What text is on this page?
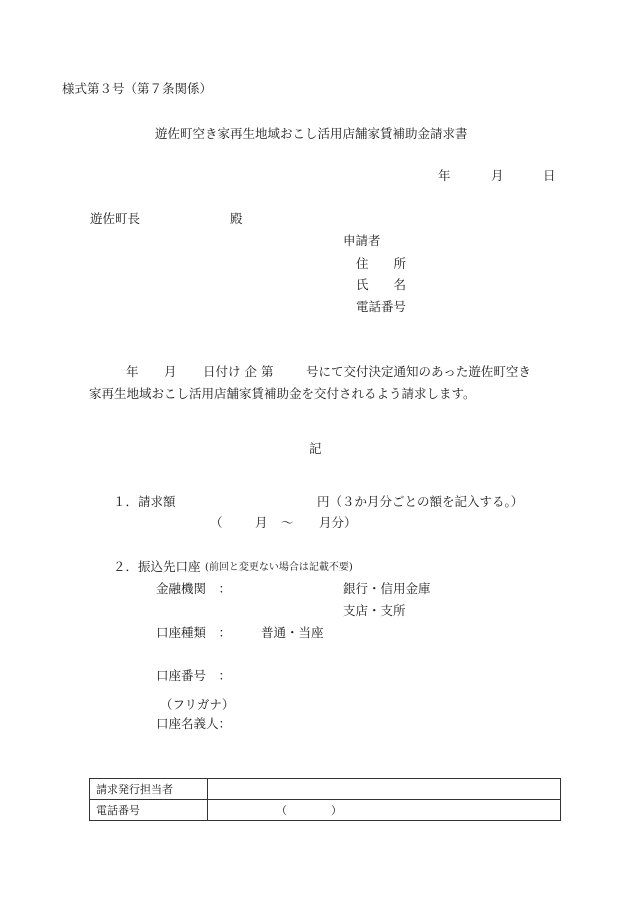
様式第３号（第７条関係）
遊佐町空き家再生地域おこし活用店舗家賃補助金請求書
年	月	日
遊佐町長	殿
申請者
住　　所
氏　　名
電話番号
年 月 日付け 企 第	号にて交付決定通知のあった遊佐町空き
家再生地域おこし活用店舗家賃補助金を交付されるよう請求します。
記
１．請求額	円（３か月分ごとの額を記入する。）
（	月 ～ 月分）
２．振込先口座 (前回と変更ない場合は記載不要)
金融機関　：	銀行・信用金庫
支店・支所
口座種類　： 普通・当座
口座番号　：
（フリガナ）
口座名義人：
請求発行担当者	
電話番号	（　　　　）
